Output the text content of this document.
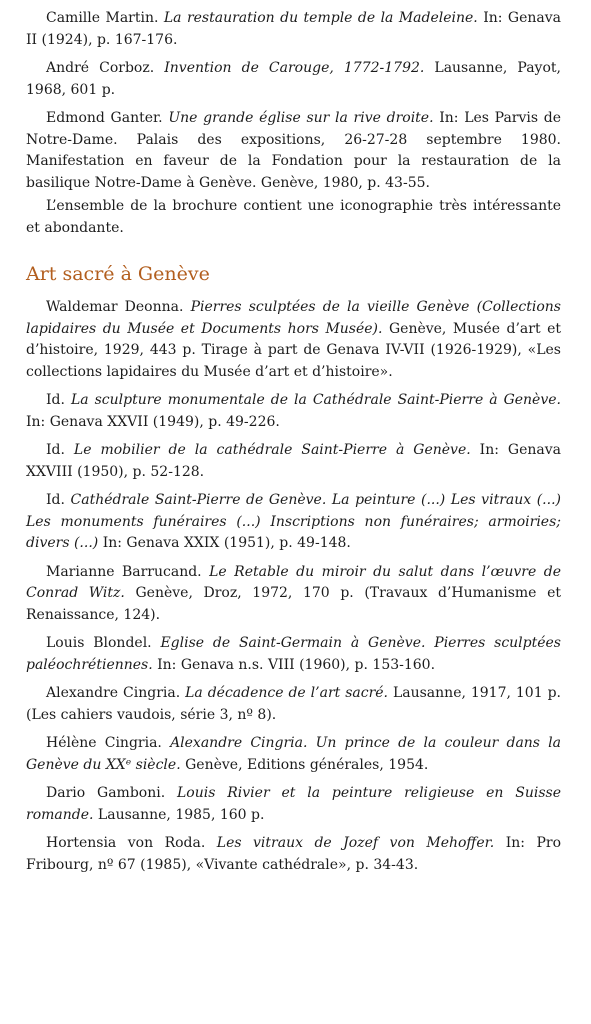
Camille Martin. La restauration du temple de la Madeleine. In: Genava II (1924), p. 167-176.

André Corboz. Invention de Carouge, 1772-1792. Lausanne, Payot, 1968, 601 p.

Edmond Ganter. Une grande église sur la rive droite. In: Les Parvis de Notre-Dame. Palais des expositions, 26-27-28 septembre 1980. Manifestation en faveur de la Fondation pour la restauration de la basilique Notre-Dame à Genève. Genève, 1980, p. 43-55.

L’ensemble de la brochure contient une iconographie très intéressante et abondante.

Art sacré à Genève

Waldemar Deonna. Pierres sculptées de la vieille Genève (Collections lapidaires du Musée et Documents hors Musée). Genève, Musée d’art et d’histoire, 1929, 443 p. Tirage à part de Genava IV-VII (1926-1929), «Les collections lapidaires du Musée d’art et d’histoire».

Id. La sculpture monumentale de la Cathédrale Saint-Pierre à Genève. In: Genava XXVII (1949), p. 49-226.

Id. Le mobilier de la cathédrale Saint-Pierre à Genève. In: Genava XXVIII (1950), p. 52-128.

Id. Cathédrale Saint-Pierre de Genève. La peinture (...) Les vitraux (...) Les monuments funéraires (...) Inscriptions non funéraires; armoiries; divers (...) In: Genava XXIX (1951), p. 49-148.

Marianne Barrucand. Le Retable du miroir du salut dans l’œuvre de Conrad Witz. Genève, Droz, 1972, 170 p. (Travaux d’Humanisme et Renaissance, 124).

Louis Blondel. Eglise de Saint-Germain à Genève. Pierres sculptées paléochrétiennes. In: Genava n.s. VIII (1960), p. 153-160.

Alexandre Cingria. La décadence de l’art sacré. Lausanne, 1917, 101 p. (Les cahiers vaudois, série 3, nº 8).

Hélène Cingria. Alexandre Cingria. Un prince de la couleur dans la Genève du XXᵉ siècle. Genève, Editions générales, 1954.

Dario Gamboni. Louis Rivier et la peinture religieuse en Suisse romande. Lausanne, 1985, 160 p.

Hortensia von Roda. Les vitraux de Jozef von Mehoffer. In: Pro Fribourg, nº 67 (1985), «Vivante cathédrale», p. 34-43.
